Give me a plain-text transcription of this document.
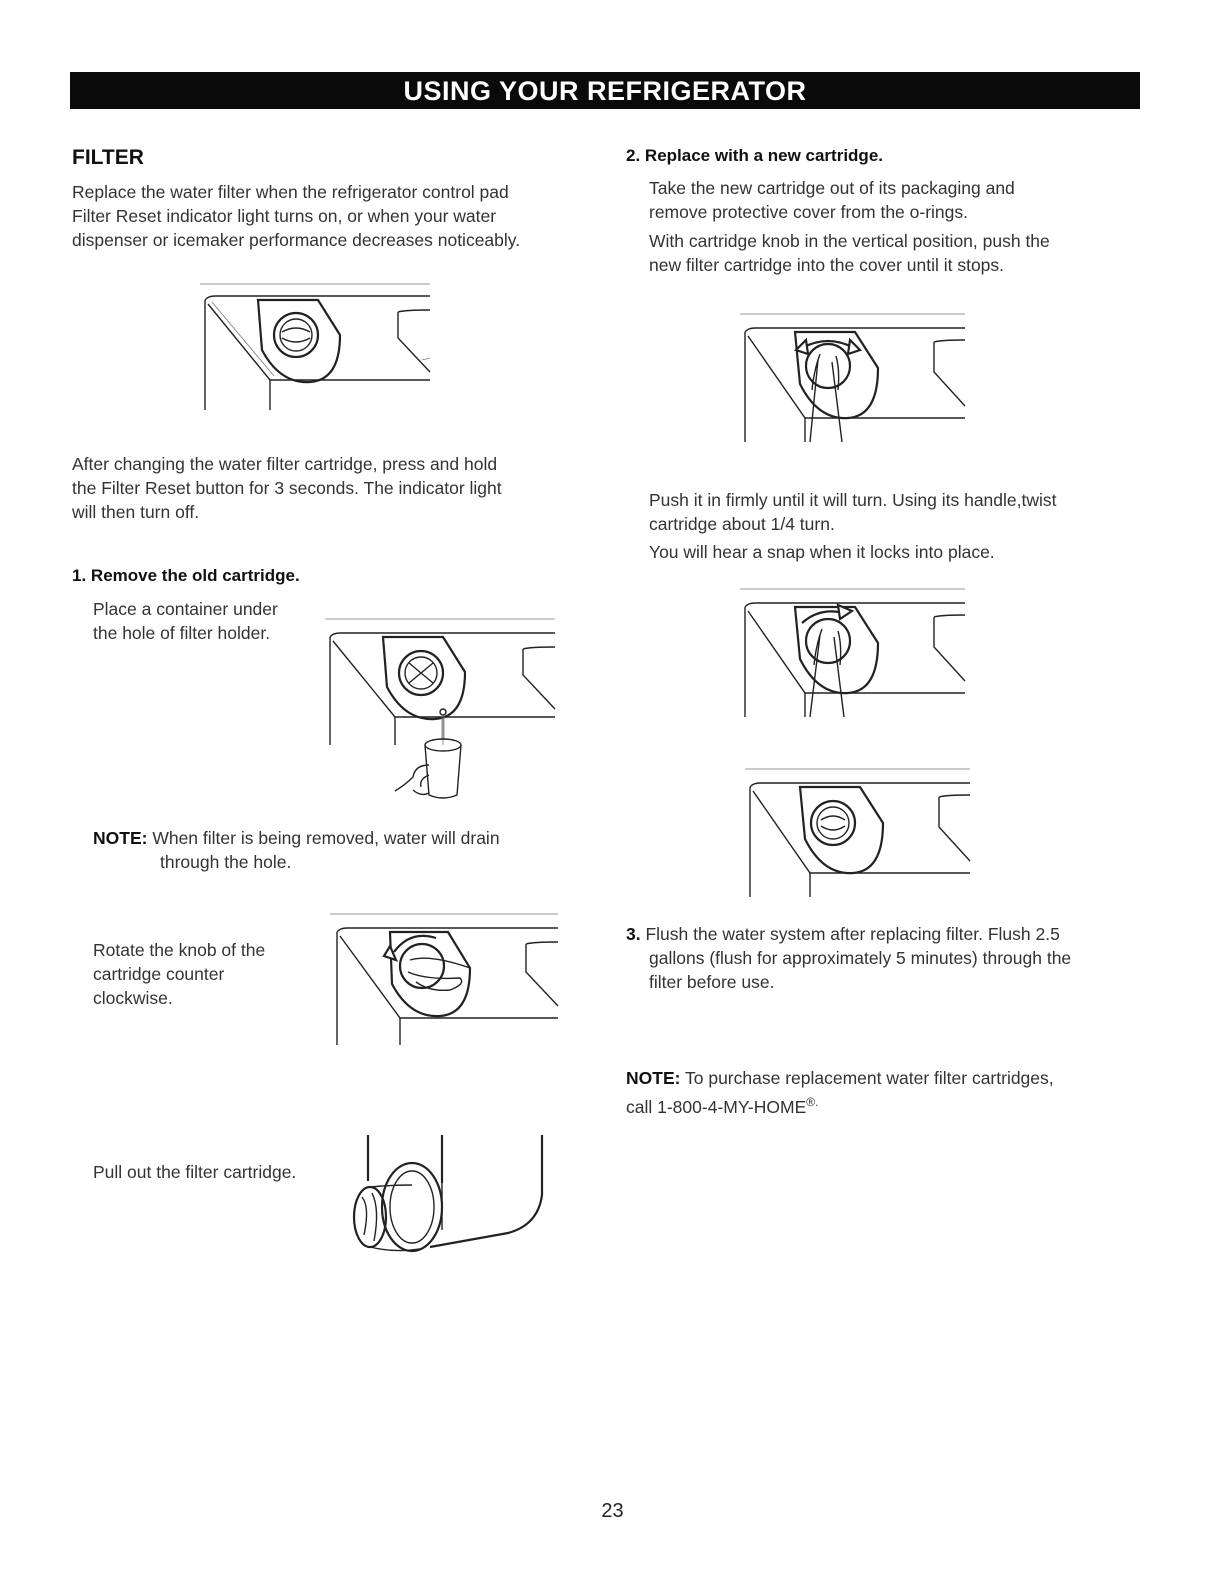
USING YOUR REFRIGERATOR
FILTER

Replace the water filter when the refrigerator control pad

Filter Reset indicator light turns on, or when your water

dispenser or icemaker performance decreases noticeably.

After changing the water filter cartridge, press and hold

the Filter Reset button for 3 seconds. The indicator light

will then turn off.

1. Remove the old cartridge.

Place a container under

the hole of filter holder.

NOTE: When filter is being removed, water will drain

through the hole.

Rotate the knob of the

cartridge counter

clockwise.

Pull out the filter cartridge.
2. Replace with a new cartridge.

Take the new cartridge out of its packaging and

remove protective cover from the o-rings.

With cartridge knob in the vertical position, push the

new filter cartridge into the cover until it stops.

Push it in firmly until it will turn. Using its handle,twist

cartridge about 1/4 turn.

You will hear a snap when it locks into place.

3. Flush the water system after replacing filter. Flush 2.5

gallons (flush for approximately 5 minutes) through the

filter before use.

NOTE: To purchase replacement water filter cartridges,

call 1-800-4-MY-HOME®.

23
